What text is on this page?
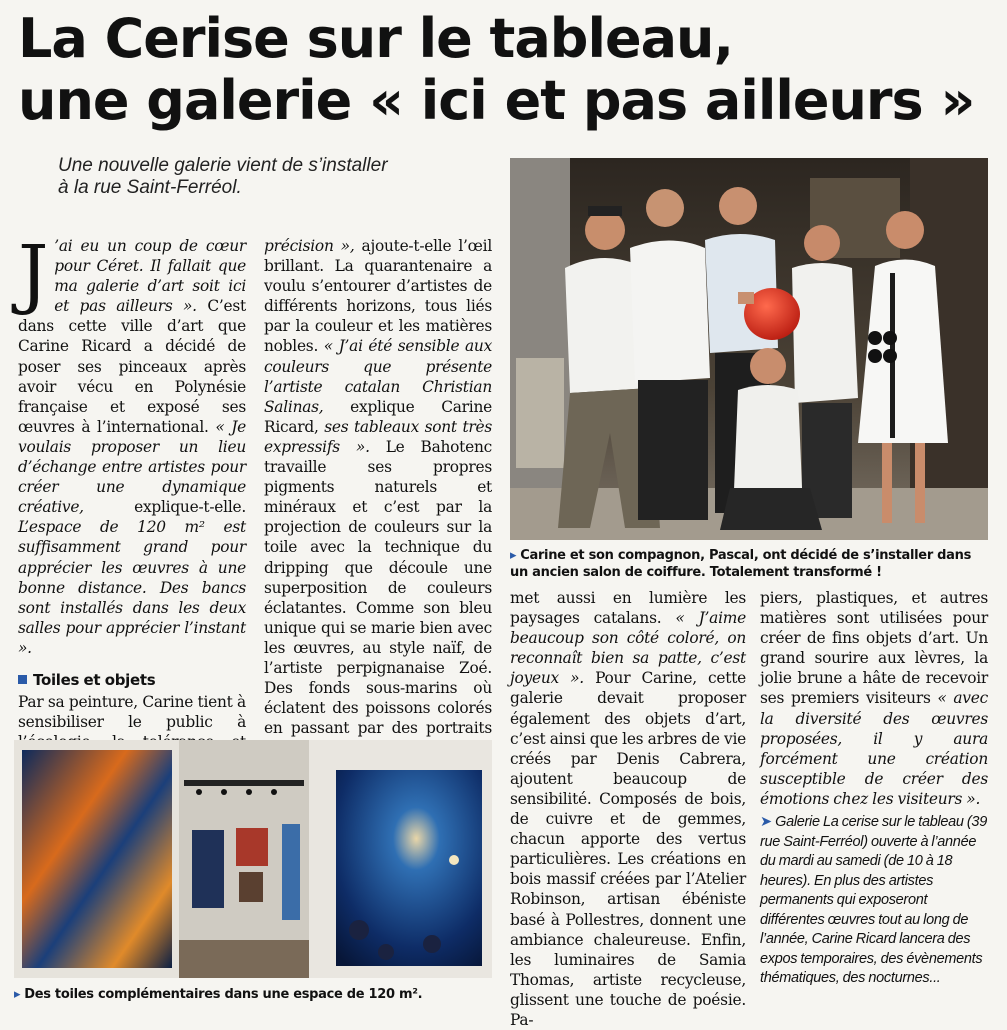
La Cerise sur le tableau,
une galerie « ici et pas ailleurs »
Une nouvelle galerie vient de s’installer
à la rue Saint-Ferréol.

J ’ai eu un coup de cœur pour Céret. Il fallait que ma galerie d’art soit ici et pas ailleurs ». C’est dans cette ville d’art que Carine Ricard a décidé de poser ses pinceaux après avoir vécu en Polynésie française et exposé ses œuvres à l’international. « Je voulais proposer un lieu d’échange entre artistes pour créer une dynamique créative, explique-t-elle. L’espace de 120 m² est suffisamment grand pour apprécier les œuvres à une bonne distance. Des bancs sont installés dans les deux salles pour apprécier l’instant ».

Toiles et objets

Par sa peinture, Carine tient à sensibiliser le public à

précision », ajoute-t-elle l’œil brillant. La quarantenaire a voulu s’entourer d’artistes de différents horizons, tous liés par la couleur et les matières nobles. « J’ai été sensible aux couleurs que présente l’artiste catalan Christian Salinas, explique Carine Ricard, ses tableaux sont très expressifs ». Le Bahotenc travaille ses propres pigments naturels et minéraux et c’est par la projection de couleurs sur la toile avec la technique du dripping que découle une superposition de couleurs éclatantes. Comme son bleu unique qui se marie bien avec les œuvres, au style naïf, de l’artiste perpignanaise Zoé. Des fonds sous-marins où éclatent des poissons colorés en passant par des portraits

▸ Carine et son compagnon, Pascal, ont décidé de s’installer dans un ancien salon de coiffure. Totalement transformé !

met aussi en lumière les paysages catalans. « J’aime beaucoup son côté coloré, on reconnaît bien sa patte, c’est joyeux ». Pour Carine, cette galerie devait proposer également des objets d’art, c’est ainsi que les arbres de vie créés par Denis Cabrera, ajoutent beaucoup de sensibilité. Composés de bois, de cuivre et de gemmes, chacun apporte des vertus particulières. Les créations en bois massif créées par l’Atelier Robinson, artisan ébéniste basé à Pollestres, donnent une ambiance chaleureuse. Enfin, les luminaires de Samia Thomas, artiste recycleuse, glissent une touche de poésie. Pa-

piers, plastiques, et autres matières sont utilisées pour créer de fins objets d’art. Un grand sourire aux lèvres, la jolie brune a hâte de recevoir ses premiers visiteurs « avec la diversité des œuvres proposées, il y aura forcément une création susceptible de créer des émotions chez les visiteurs ».

➤ Galerie La cerise sur le tableau (39 rue Saint-Ferréol) ouverte à l’année du mardi au samedi (de 10 à 18 heures). En plus des artistes permanents qui exposeront différentes œuvres tout au long de l’année, Carine Ricard lancera des expos temporaires, des évènements thématiques, des nocturnes...

▸ Des toiles complémentaires dans une espace de 120 m².
